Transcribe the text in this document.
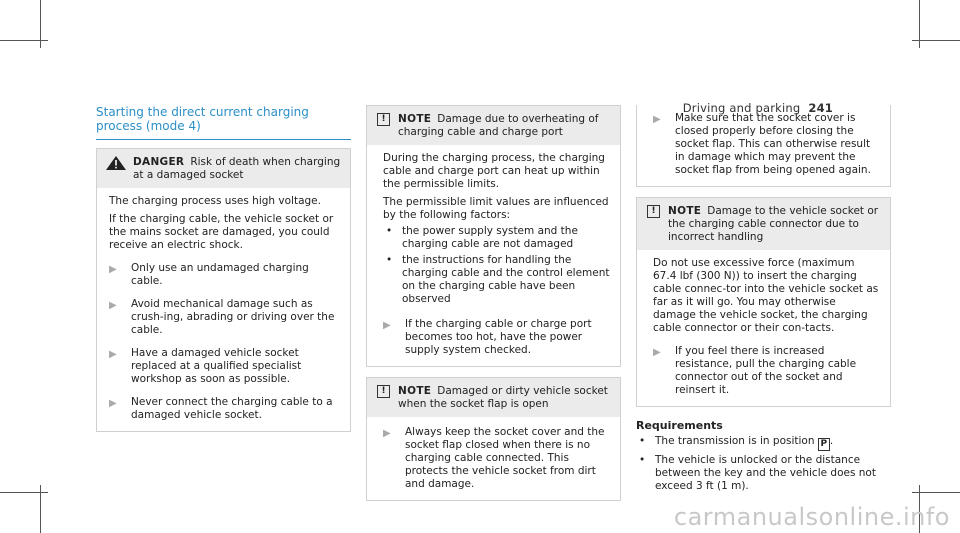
Driving and parking 241
Starting the direct current charging process (mode 4)
DANGER Risk of death when charging at a damaged socket

The charging process uses high voltage.

If the charging cable, the vehicle socket or the mains socket are damaged, you could receive an electric shock.

▶	Only use an undamaged charging cable.
▶	Avoid mechanical damage such as crush-ing, abrading or driving over the cable.
▶	Have a damaged vehicle socket replaced at a qualified specialist workshop as soon as possible.
▶	Never connect the charging cable to a damaged vehicle socket.
!	NOTE Damage due to overheating of charging cable and charge port

During the charging process, the charging cable and charge port can heat up within the permissible limits.

The permissible limit values are influenced by the following factors:

• the power supply system and the charging cable are not damaged
• the instructions for handling the charging cable and the control element on the charging cable have been observed
▶	If the charging cable or charge port becomes too hot, have the power supply system checked.
!	NOTE Damaged or dirty vehicle socket when the socket flap is open
▶	Always keep the socket cover and the socket flap closed when there is no charging cable connected. This protects the vehicle socket from dirt and damage.
▶	Make sure that the socket cover is closed properly before closing the socket flap. This can otherwise result in damage which may prevent the socket flap from being opened again.
!	NOTE Damage to the vehicle socket or the charging cable connector due to incorrect handling

Do not use excessive force (maximum 67.4 lbf (300 N)) to insert the charging cable connec-tor into the vehicle socket as far as it will go. You may otherwise damage the vehicle socket, the charging cable connector or their con-tacts.

▶	If you feel there is increased resistance, pull the charging cable connector out of the socket and reinsert it.
Requirements
• The transmission is in position P .
• The vehicle is unlocked or the distance between the key and the vehicle does not exceed 3 ft (1 m).
carmanualsonline.info
